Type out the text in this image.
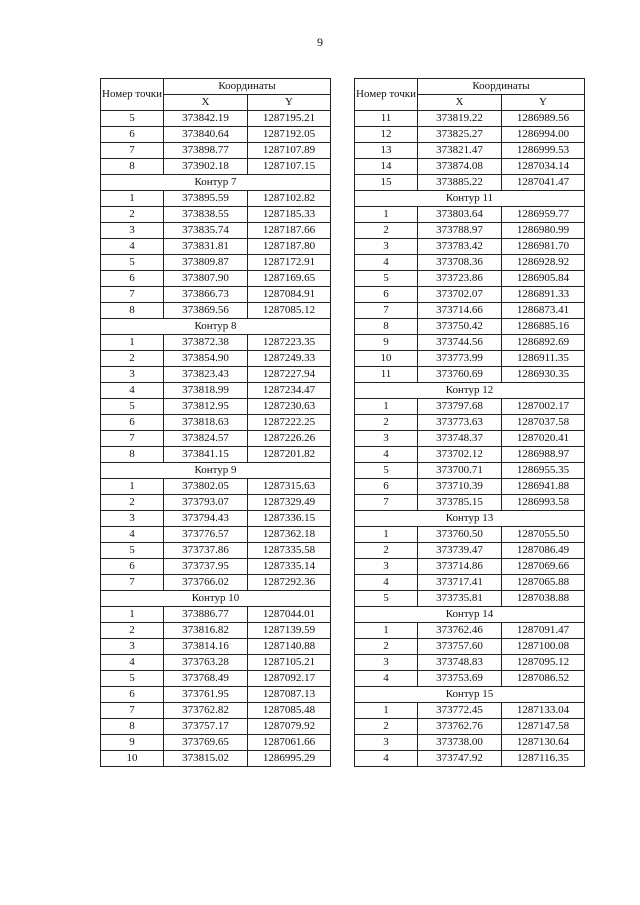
9
Номер точки	Координаты	
	X	Y
5	373842.19	1287195.21
6	373840.64	1287192.05
7	373898.77	1287107.89
8	373902.18	1287107.15
Контур 7		
1	373895.59	1287102.82
2	373838.55	1287185.33
3	373835.74	1287187.66
4	373831.81	1287187.80
5	373809.87	1287172.91
6	373807.90	1287169.65
7	373866.73	1287084.91
8	373869.56	1287085.12
Контур 8		
1	373872.38	1287223.35
2	373854.90	1287249.33
3	373823.43	1287227.94
4	373818.99	1287234.47
5	373812.95	1287230.63
6	373818.63	1287222.25
7	373824.57	1287226.26
8	373841.15	1287201.82
Контур 9		
1	373802.05	1287315.63
2	373793.07	1287329.49
3	373794.43	1287336.15
4	373776.57	1287362.18
5	373737.86	1287335.58
6	373737.95	1287335.14
7	373766.02	1287292.36
Контур 10		
1	373886.77	1287044.01
2	373816.82	1287139.59
3	373814.16	1287140.88
4	373763.28	1287105.21
5	373768.49	1287092.17
6	373761.95	1287087.13
7	373762.82	1287085.48
8	373757.17	1287079.92
9	373769.65	1287061.66
10	373815.02	1286995.29
Номер точки	Координаты	
	X	Y
11	373819.22	1286989.56
12	373825.27	1286994.00
13	373821.47	1286999.53
14	373874.08	1287034.14
15	373885.22	1287041.47
Контур 11		
1	373803.64	1286959.77
2	373788.97	1286980.99
3	373783.42	1286981.70
4	373708.36	1286928.92
5	373723.86	1286905.84
6	373702.07	1286891.33
7	373714.66	1286873.41
8	373750.42	1286885.16
9	373744.56	1286892.69
10	373773.99	1286911.35
11	373760.69	1286930.35
Контур 12		
1	373797.68	1287002.17
2	373773.63	1287037.58
3	373748.37	1287020.41
4	373702.12	1286988.97
5	373700.71	1286955.35
6	373710.39	1286941.88
7	373785.15	1286993.58
Контур 13		
1	373760.50	1287055.50
2	373739.47	1287086.49
3	373714.86	1287069.66
4	373717.41	1287065.88
5	373735.81	1287038.88
Контур 14		
1	373762.46	1287091.47
2	373757.60	1287100.08
3	373748.83	1287095.12
4	373753.69	1287086.52
Контур 15		
1	373772.45	1287133.04
2	373762.76	1287147.58
3	373738.00	1287130.64
4	373747.92	1287116.35
